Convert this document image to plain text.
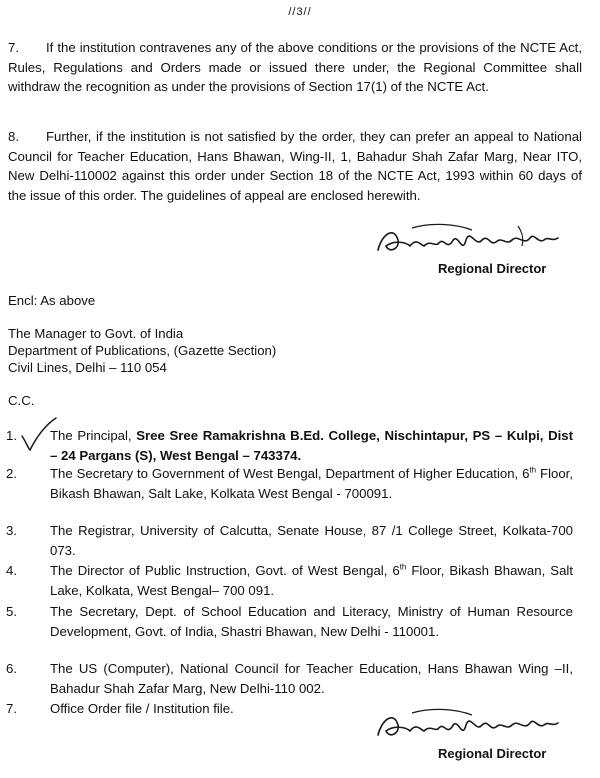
//3//

7. If the institution contravenes any of the above conditions or the provisions of the NCTE Act, Rules, Regulations and Orders made or issued there under, the Regional Committee shall withdraw the recognition as under the provisions of Section 17(1) of the NCTE Act.

8. Further, if the institution is not satisfied by the order, they can prefer an appeal to National Council for Teacher Education, Hans Bhawan, Wing-II, 1, Bahadur Shah Zafar Marg, Near ITO, New Delhi-110002 against this order under Section 18 of the NCTE Act, 1993 within 60 days of the issue of this order. The guidelines of appeal are enclosed herewith.

Regional Director

Encl: As above

The Manager to Govt. of India

Department of Publications, (Gazette Section)

Civil Lines, Delhi – 110 054

C.C.

1.	The Principal, Sree Sree Ramakrishna B.Ed. College, Nischintapur, PS – Kulpi, Dist – 24 Pargans (S), West Bengal – 743374.
2.	The Secretary to Government of West Bengal, Department of Higher Education, 6th Floor, Bikash Bhawan, Salt Lake, Kolkata West Bengal - 700091.
3.	The Registrar, University of Calcutta, Senate House, 87 /1 College Street, Kolkata-700 073.
4.	The Director of Public Instruction, Govt. of West Bengal, 6th Floor, Bikash Bhawan, Salt Lake, Kolkata, West Bengal– 700 091.
5.	The Secretary, Dept. of School Education and Literacy, Ministry of Human Resource Development, Govt. of India, Shastri Bhawan, New Delhi - 110001.
6.	The US (Computer), National Council for Teacher Education, Hans Bhawan Wing –II, Bahadur Shah Zafar Marg, New Delhi-110 002.
7.	Office Order file / Institution file.
Regional Director
